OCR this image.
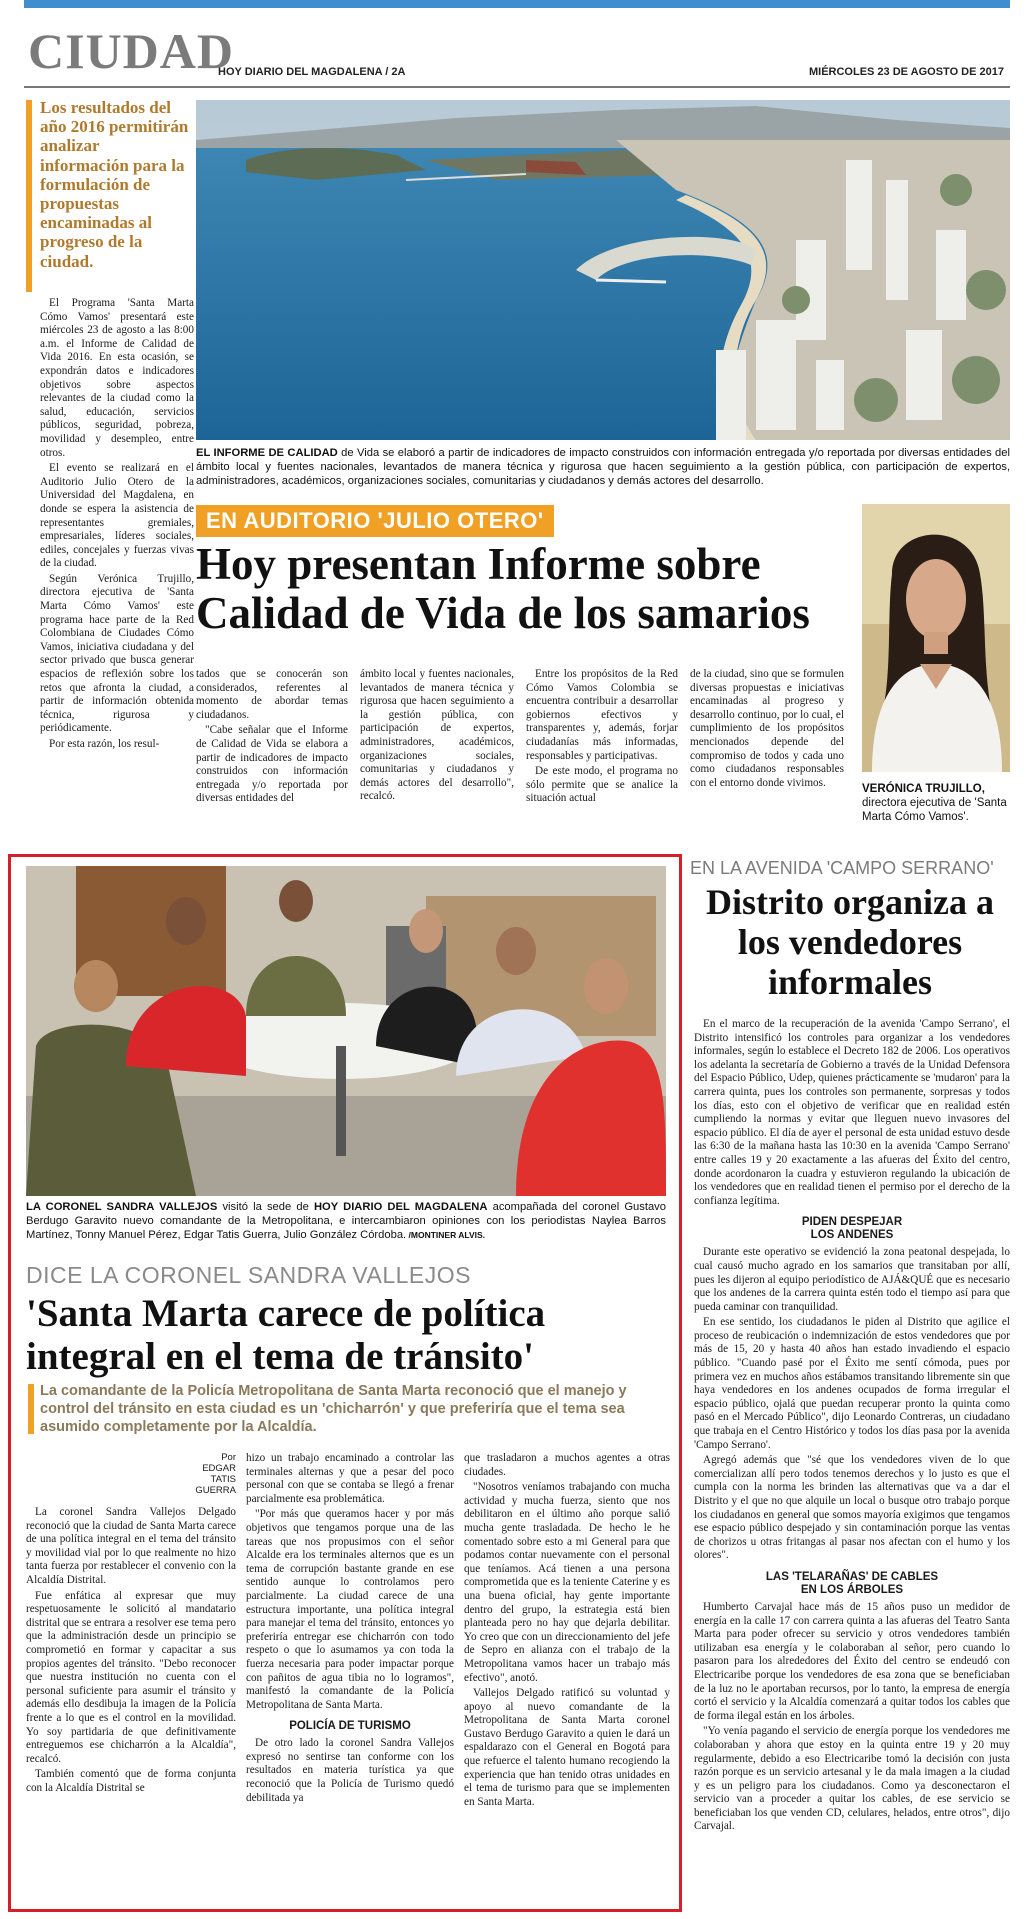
CIUDAD
HOY DIARIO DEL MAGDALENA / 2A	MIÉRCOLES 23 DE AGOSTO DE 2017
Los resultados del año 2016 permitirán analizar información para la formulación de propuestas encaminadas al progreso de la ciudad.

El Programa 'Santa Marta Cómo Vamos' presentará este miércoles 23 de agosto a las 8:00 a.m. el Informe de Calidad de Vida 2016. En esta ocasión, se expondrán datos e indicadores objetivos sobre aspectos relevantes de la ciudad como la salud, educación, servicios públicos, seguridad, pobreza, movilidad y desempleo, entre otros.

El evento se realizará en el Auditorio Julio Otero de la Universidad del Magdalena, en donde se espera la asistencia de representantes gremiales, empresariales, líderes sociales, ediles, concejales y fuerzas vivas de la ciudad.

Según Verónica Trujillo, directora ejecutiva de 'Santa Marta Cómo Vamos' este programa hace parte de la Red Colombiana de Ciudades Cómo Vamos, iniciativa ciudadana y del sector privado que busca generar espacios de reflexión sobre los retos que afronta la ciudad, a partir de información obtenida técnica, rigurosa y periódicamente.

Por esta razón, los resul-

EL INFORME DE CALIDAD de Vida se elaboró a partir de indicadores de impacto construidos con información entregada y/o reportada por diversas entidades del ámbito local y fuentes nacionales, levantados de manera técnica y rigurosa que hacen seguimiento a la gestión pública, con participación de expertos, administradores, académicos, organizaciones sociales, comunitarias y ciudadanos y demás actores del desarrollo.
EN AUDITORIO 'JULIO OTERO'
Hoy presentan Informe sobre Calidad de Vida de los samarios

tados que se conocerán son considerados, referentes al momento de abordar temas ciudadanos.

"Cabe señalar que el Informe de Calidad de Vida se elabora a partir de indicadores de impacto construidos con información entregada y/o reportada por diversas entidades del

ámbito local y fuentes nacionales, levantados de manera técnica y rigurosa que hacen seguimiento a la gestión pública, con participación de expertos, administradores, académicos, organizaciones sociales, comunitarias y ciudadanos y demás actores del desarrollo", recalcó.

Entre los propósitos de la Red Cómo Vamos Colombia se encuentra contribuir a desarrollar gobiernos efectivos y transparentes y, además, forjar ciudadanías más informadas, responsables y participativas.

De este modo, el programa no sólo permite que se analice la situación actual

de la ciudad, sino que se formulen diversas propuestas e iniciativas encaminadas al progreso y desarrollo continuo, por lo cual, el cumplimiento de los propósitos mencionados depende del compromiso de todos y cada uno como ciudadanos responsables con el entorno donde vivimos.

VERÓNICA TRUJILLO, directora ejecutiva de 'Santa Marta Cómo Vamos'.
LA CORONEL SANDRA VALLEJOS visitó la sede de HOY DIARIO DEL MAGDALENA acompañada del coronel Gustavo Berdugo Garavito nuevo comandante de la Metropolitana, e intercambiaron opiniones con los periodistas Naylea Barros Martínez, Tonny Manuel Pérez, Edgar Tatis Guerra, Julio González Córdoba. /MONTINER ALVIS.
DICE LA CORONEL SANDRA VALLEJOS
'Santa Marta carece de política integral en el tema de tránsito'
La comandante de la Policía Metropolitana de Santa Marta reconoció que el manejo y control del tránsito en esta ciudad es un 'chicharrón' y que preferiría que el tema sea asumido completamente por la Alcaldía.
Por
EDGAR
TATIS
GUERRA

La coronel Sandra Vallejos Delgado reconoció que la ciudad de Santa Marta carece de una política integral en el tema del tránsito y movilidad vial por lo que realmente no hizo tanta fuerza por restablecer el convenio con la Alcaldía Distrital.

Fue enfática al expresar que muy respetuosamente le solicitó al mandatario distrital que se entrara a resolver ese tema pero que la administración desde un principio se comprometió en formar y capacitar a sus propios agentes del tránsito. "Debo reconocer que nuestra institución no cuenta con el personal suficiente para asumir el tránsito y además ello desdibuja la imagen de la Policía frente a lo que es el control en la movilidad. Yo soy partidaria de que definitivamente entreguemos ese chicharrón a la Alcaldía", recalcó.

También comentó que de forma conjunta con la Alcaldía Distrital se

hizo un trabajo encaminado a controlar las terminales alternas y que a pesar del poco personal con que se contaba se llegó a frenar parcialmente esa problemática.

"Por más que queramos hacer y por más objetivos que tengamos porque una de las tareas que nos propusimos con el señor Alcalde era los terminales alternos que es un tema de corrupción bastante grande en ese sentido aunque lo controlamos pero parcialmente. La ciudad carece de una estructura importante, una política integral para manejar el tema del tránsito, entonces yo preferiría entregar ese chicharrón con todo respeto o que lo asumamos ya con toda la fuerza necesaria para poder impactar porque con pañitos de agua tibia no lo logramos", manifestó la comandante de la Policía Metropolitana de Santa Marta.

POLICÍA DE TURISMO

De otro lado la coronel Sandra Vallejos expresó no sentirse tan conforme con los resultados en materia turística ya que reconoció que la Policía de Turismo quedó debilitada ya

que trasladaron a muchos agentes a otras ciudades.

"Nosotros veníamos trabajando con mucha actividad y mucha fuerza, siento que nos debilitaron en el último año porque salió mucha gente trasladada. De hecho le he comentado sobre esto a mi General para que podamos contar nuevamente con el personal que teníamos. Acá tienen a una persona comprometida que es la teniente Caterine y es una buena oficial, hay gente importante dentro del grupo, la estrategia está bien planteada pero no hay que dejarla debilitar. Yo creo que con un direccionamiento del jefe de Sepro en alianza con el trabajo de la Metropolitana vamos hacer un trabajo más efectivo", anotó.

Vallejos Delgado ratificó su voluntad y apoyo al nuevo comandante de la Metropolitana de Santa Marta coronel Gustavo Berdugo Garavito a quien le dará un espaldarazo con el General en Bogotá para que refuerce el talento humano recogiendo la experiencia que han tenido otras unidades en el tema de turismo para que se implementen en Santa Marta.

EN LA AVENIDA 'CAMPO SERRANO'
Distrito organiza a los vendedores informales

En el marco de la recuperación de la avenida 'Campo Serrano', el Distrito intensificó los controles para organizar a los vendedores informales, según lo establece el Decreto 182 de 2006. Los operativos los adelanta la secretaría de Gobierno a través de la Unidad Defensora del Espacio Público, Udep, quienes prácticamente se 'mudaron' para la carrera quinta, pues los controles son permanente, sorpresas y todos los días, esto con el objetivo de verificar que en realidad estén cumpliendo la normas y evitar que lleguen nuevo invasores del espacio público. El día de ayer el personal de esta unidad estuvo desde las 6:30 de la mañana hasta las 10:30 en la avenida 'Campo Serrano' entre calles 19 y 20 exactamente a las afueras del Éxito del centro, donde acordonaron la cuadra y estuvieron regulando la ubicación de los vendedores que en realidad tienen el permiso por el derecho de la confianza legítima.

PIDEN DESPEJAR
LOS ANDENES

Durante este operativo se evidenció la zona peatonal despejada, lo cual causó mucho agrado en los samarios que transitaban por allí, pues les dijeron al equipo periodístico de AJÁ&QUÉ que es necesario que los andenes de la carrera quinta estén todo el tiempo así para que pueda caminar con tranquilidad.

En ese sentido, los ciudadanos le piden al Distrito que agilice el proceso de reubicación o indemnización de estos vendedores que por más de 15, 20 y hasta 40 años han estado invadiendo el espacio público. "Cuando pasé por el Éxito me sentí cómoda, pues por primera vez en muchos años estábamos transitando libremente sin que haya vendedores en los andenes ocupados de forma irregular el espacio público, ojalá que puedan recuperar pronto la quinta como pasó en el Mercado Público", dijo Leonardo Contreras, un ciudadano que trabaja en el Centro Histórico y todos los días pasa por la avenida 'Campo Serrano'.

Agregó además que "sé que los vendedores viven de lo que comercializan allí pero todos tenemos derechos y lo justo es que el cumpla con la norma les brinden las alternativas que va a dar el Distrito y el que no que alquile un local o busque otro trabajo porque los ciudadanos en general que somos mayoría exigimos que tengamos ese espacio público despejado y sin contaminación porque las ventas de chorizos u otras fritangas al pasar nos afectan con el humo y los olores".

LAS 'TELARAÑAS' DE CABLES
EN LOS ÁRBOLES

Humberto Carvajal hace más de 15 años puso un medidor de energía en la calle 17 con carrera quinta a las afueras del Teatro Santa Marta para poder ofrecer su servicio y otros vendedores también utilizaban esa energía y le colaboraban al señor, pero cuando lo pasaron para los alrededores del Éxito del centro se endeudó con Electricaribe porque los vendedores de esa zona que se beneficiaban de la luz no le aportaban recursos, por lo tanto, la empresa de energía cortó el servicio y la Alcaldía comenzará a quitar todos los cables que de forma ilegal están en los árboles.

"Yo venía pagando el servicio de energía porque los vendedores me colaboraban y ahora que estoy en la quinta entre 19 y 20 muy regularmente, debido a eso Electricaribe tomó la decisión con justa razón porque es un servicio artesanal y le da mala imagen a la ciudad y es un peligro para los ciudadanos. Como ya desconectaron el servicio van a proceder a quitar los cables, de ese servicio se beneficiaban los que venden CD, celulares, helados, entre otros", dijo Carvajal.
